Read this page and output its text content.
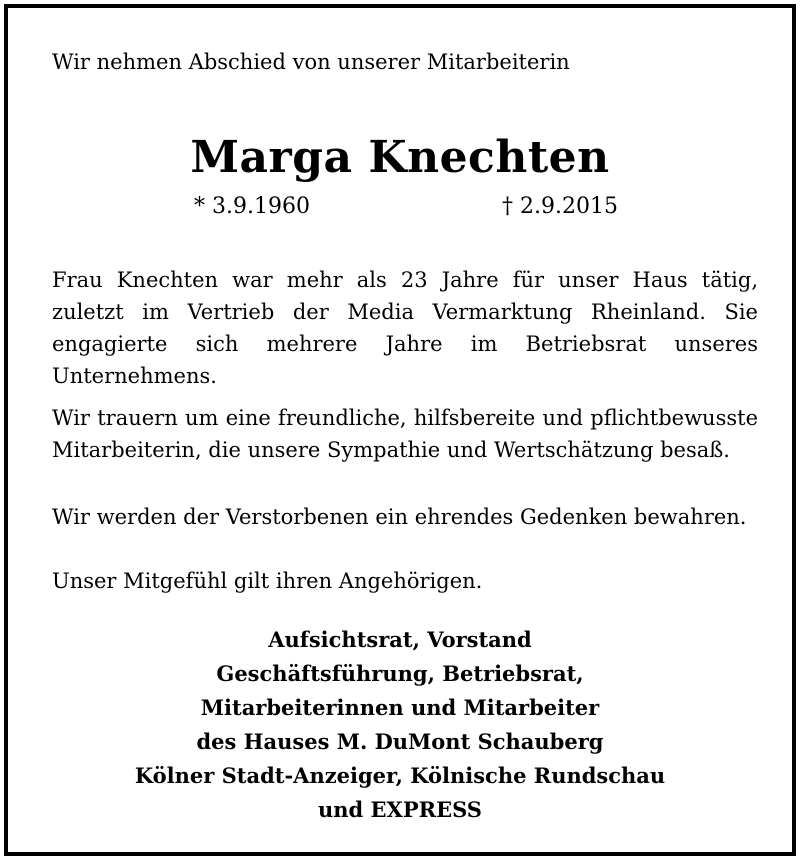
Wir nehmen Abschied von unserer Mitarbeiterin
Marga Knechten
* 3.9.1960	† 2.9.2015
Frau Knechten war mehr als 23 Jahre für unser Haus tätig, zuletzt im Vertrieb der Media Vermarktung Rheinland. Sie engagierte sich mehrere Jahre im Betriebsrat unseres Unternehmens.
Wir trauern um eine freundliche, hilfsbereite und pflichtbewusste Mitarbeiterin, die unsere Sympathie und Wertschätzung besaß.
Wir werden der Verstorbenen ein ehrendes Gedenken bewahren.
Unser Mitgefühl gilt ihren Angehörigen.
Aufsichtsrat, Vorstand
Geschäftsführung, Betriebsrat,
Mitarbeiterinnen und Mitarbeiter
des Hauses M. DuMont Schauberg
Kölner Stadt-Anzeiger, Kölnische Rundschau
und EXPRESS
